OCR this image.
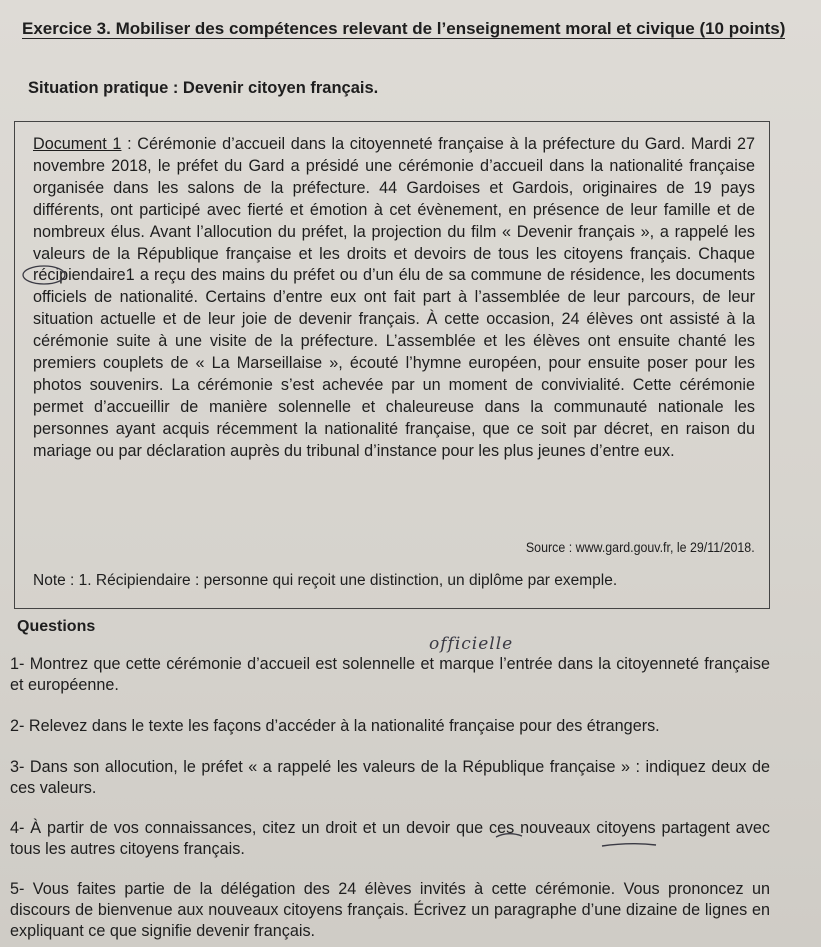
Exercice 3. Mobiliser des compétences relevant de l’enseignement moral et civique (10 points)
Situation pratique : Devenir citoyen français.
Document 1 : Cérémonie d’accueil dans la citoyenneté française à la préfecture du Gard. Mardi 27 novembre 2018, le préfet du Gard a présidé une cérémonie d’accueil dans la nationalité française organisée dans les salons de la préfecture. 44 Gardoises et Gardois, originaires de 19 pays différents, ont participé avec fierté et émotion à cet évènement, en présence de leur famille et de nombreux élus. Avant l’allocution du préfet, la projection du film « Devenir français », a rappelé les valeurs de la République française et les droits et devoirs de tous les citoyens français. Chaque récipiendaire1 a reçu des mains du préfet ou d’un élu de sa commune de résidence, les documents officiels de nationalité. Certains d’entre eux ont fait part à l’assemblée de leur parcours, de leur situation actuelle et de leur joie de devenir français. À cette occasion, 24 élèves ont assisté à la cérémonie suite à une visite de la préfecture. L’assemblée et les élèves ont ensuite chanté les premiers couplets de « La Marseillaise », écouté l’hymne européen, pour ensuite poser pour les photos souvenirs. La cérémonie s’est achevée par un moment de convivialité. Cette cérémonie permet d’accueillir de manière solennelle et chaleureuse dans la communauté nationale les personnes ayant acquis récemment la nationalité française, que ce soit par décret, en raison du mariage ou par déclaration auprès du tribunal d’instance pour les plus jeunes d’entre eux.
Source : www.gard.gouv.fr, le 29/11/2018.
Note : 1. Récipiendaire : personne qui reçoit une distinction, un diplôme par exemple.
Questions
officielle
1- Montrez que cette cérémonie d’accueil est solennelle et marque l’entrée dans la citoyenneté française et européenne.
2- Relevez dans le texte les façons d’accéder à la nationalité française pour des étrangers.
3- Dans son allocution, le préfet « a rappelé les valeurs de la République française » : indiquez deux de ces valeurs.
4- À partir de vos connaissances, citez un droit et un devoir que ces nouveaux citoyens partagent avec tous les autres citoyens français.
5- Vous faites partie de la délégation des 24 élèves invités à cette cérémonie. Vous prononcez un discours de bienvenue aux nouveaux citoyens français. Écrivez un paragraphe d’une dizaine de lignes en expliquant ce que signifie devenir français.
